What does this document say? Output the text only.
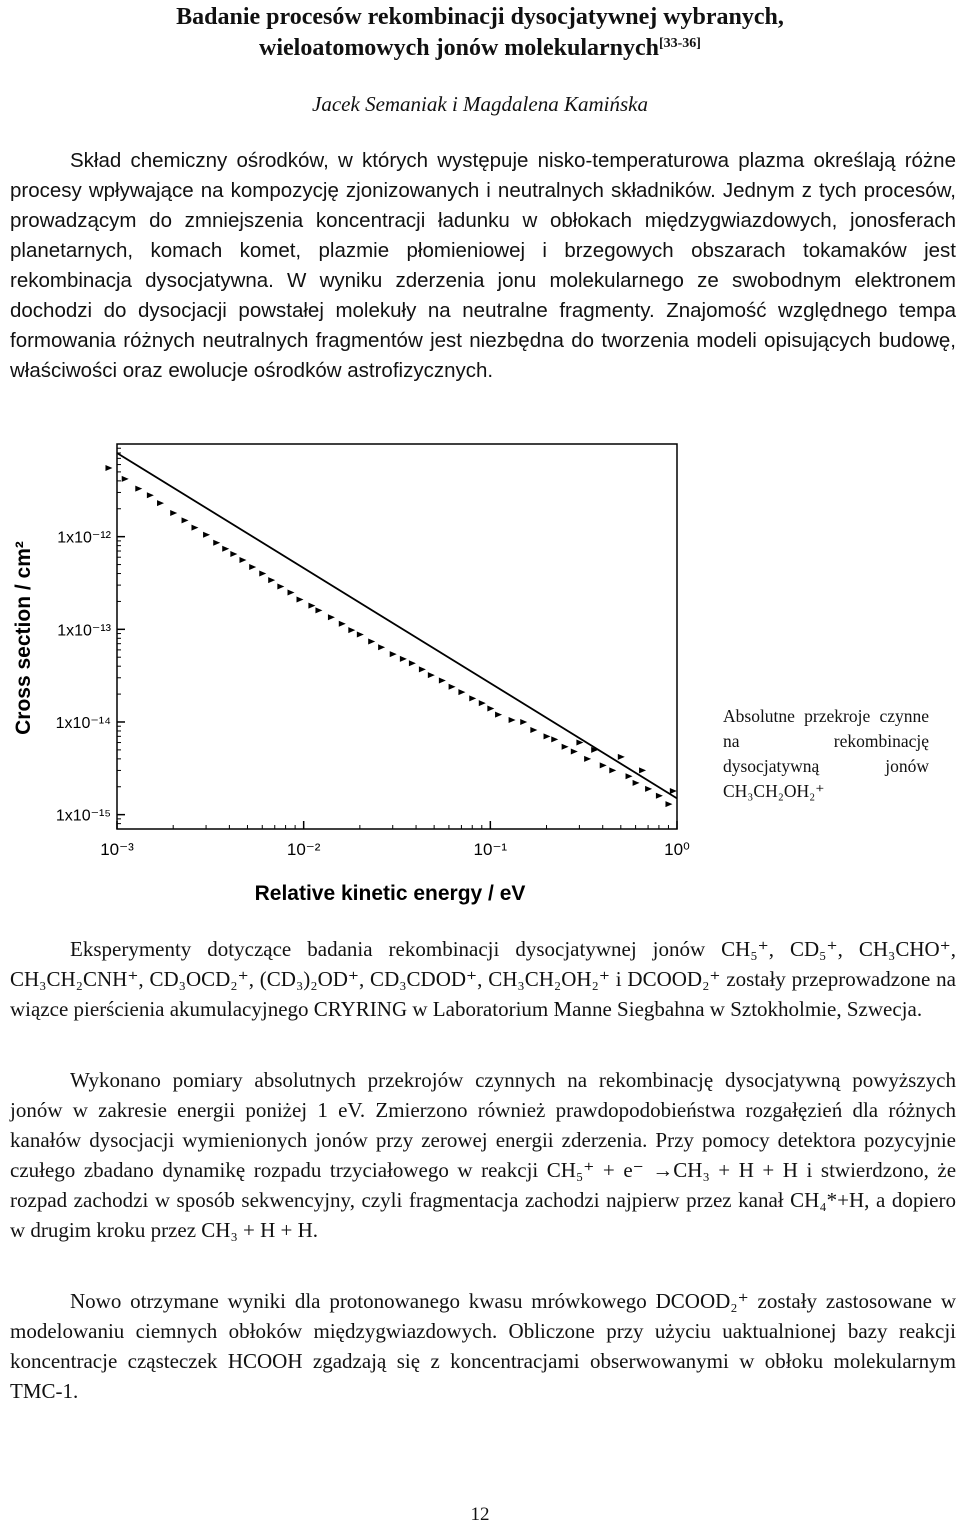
Badanie procesów rekombinacji dysocjatywnej wybranych,
wieloatomowych jonów molekularnych[33-36]
Jacek Semaniak i Magdalena Kamińska

Skład chemiczny ośrodków, w których występuje nisko-temperaturowa plazma określają różne procesy wpływające na kompozycję zjonizowanych i neutralnych składników. Jednym z tych procesów, prowadzącym do zmniejszenia koncentracji ładunku w obłokach międzygwiazdowych, jonosferach planetarnych, komach komet, plazmie płomieniowej i brzegowych obszarach tokamaków jest rekombinacja dysocjatywna. W wyniku zderzenia jonu molekularnego ze swobodnym elektronem dochodzi do dysocjacji powstałej molekuły na neutralne fragmenty. Znajomość względnego tempa formowania różnych neutralnych fragmentów jest niezbędna do tworzenia modeli opisujących budowę, właściwości oraz ewolucje ośrodków astrofizycznych.

1x10⁻¹²
1x10⁻¹³
1x10⁻¹⁴
1x10⁻¹⁵
10⁻³	10⁻²	10⁻¹	10⁰
Cross section / cm²
Relative kinetic energy / eV
Absolutne przekroje czynne na rekombinację dysocjatywną jonów CH₃CH₂OH₂⁺

Eksperymenty dotyczące badania rekombinacji dysocjatywnej jonów CH₅⁺, CD₅⁺, CH₃CHO⁺, CH₃CH₂CNH⁺, CD₃OCD₂⁺, (CD₃)₂OD⁺, CD₃CDOD⁺, CH₃CH₂OH₂⁺ i DCOOD₂⁺ zostały przeprowadzone na wiązce pierścienia akumulacyjnego CRYRING w Laboratorium Manne Siegbahna w Sztokholmie, Szwecja.

Wykonano pomiary absolutnych przekrojów czynnych na rekombinację dysocjatywną powyższych jonów w zakresie energii poniżej 1 eV. Zmierzono również prawdopodobieństwa rozgałęzień dla różnych kanałów dysocjacji wymienionych jonów przy zerowej energii zderzenia. Przy pomocy detektora pozycyjnie czułego zbadano dynamikę rozpadu trzyciałowego w reakcji CH₅⁺ + e⁻ →CH₃ + H + H i stwierdzono, że rozpad zachodzi w sposób sekwencyjny, czyli fragmentacja zachodzi najpierw przez kanał CH₄*+H, a dopiero w drugim kroku przez CH₃ + H + H.

Nowo otrzymane wyniki dla protonowanego kwasu mrówkowego DCOOD₂⁺ zostały zastosowane w modelowaniu ciemnych obłoków międzygwiazdowych. Obliczone przy użyciu uaktualnionej bazy reakcji koncentracje cząsteczek HCOOH zgadzają się z koncentracjami obserwowanymi w obłoku molekularnym TMC-1.

12
